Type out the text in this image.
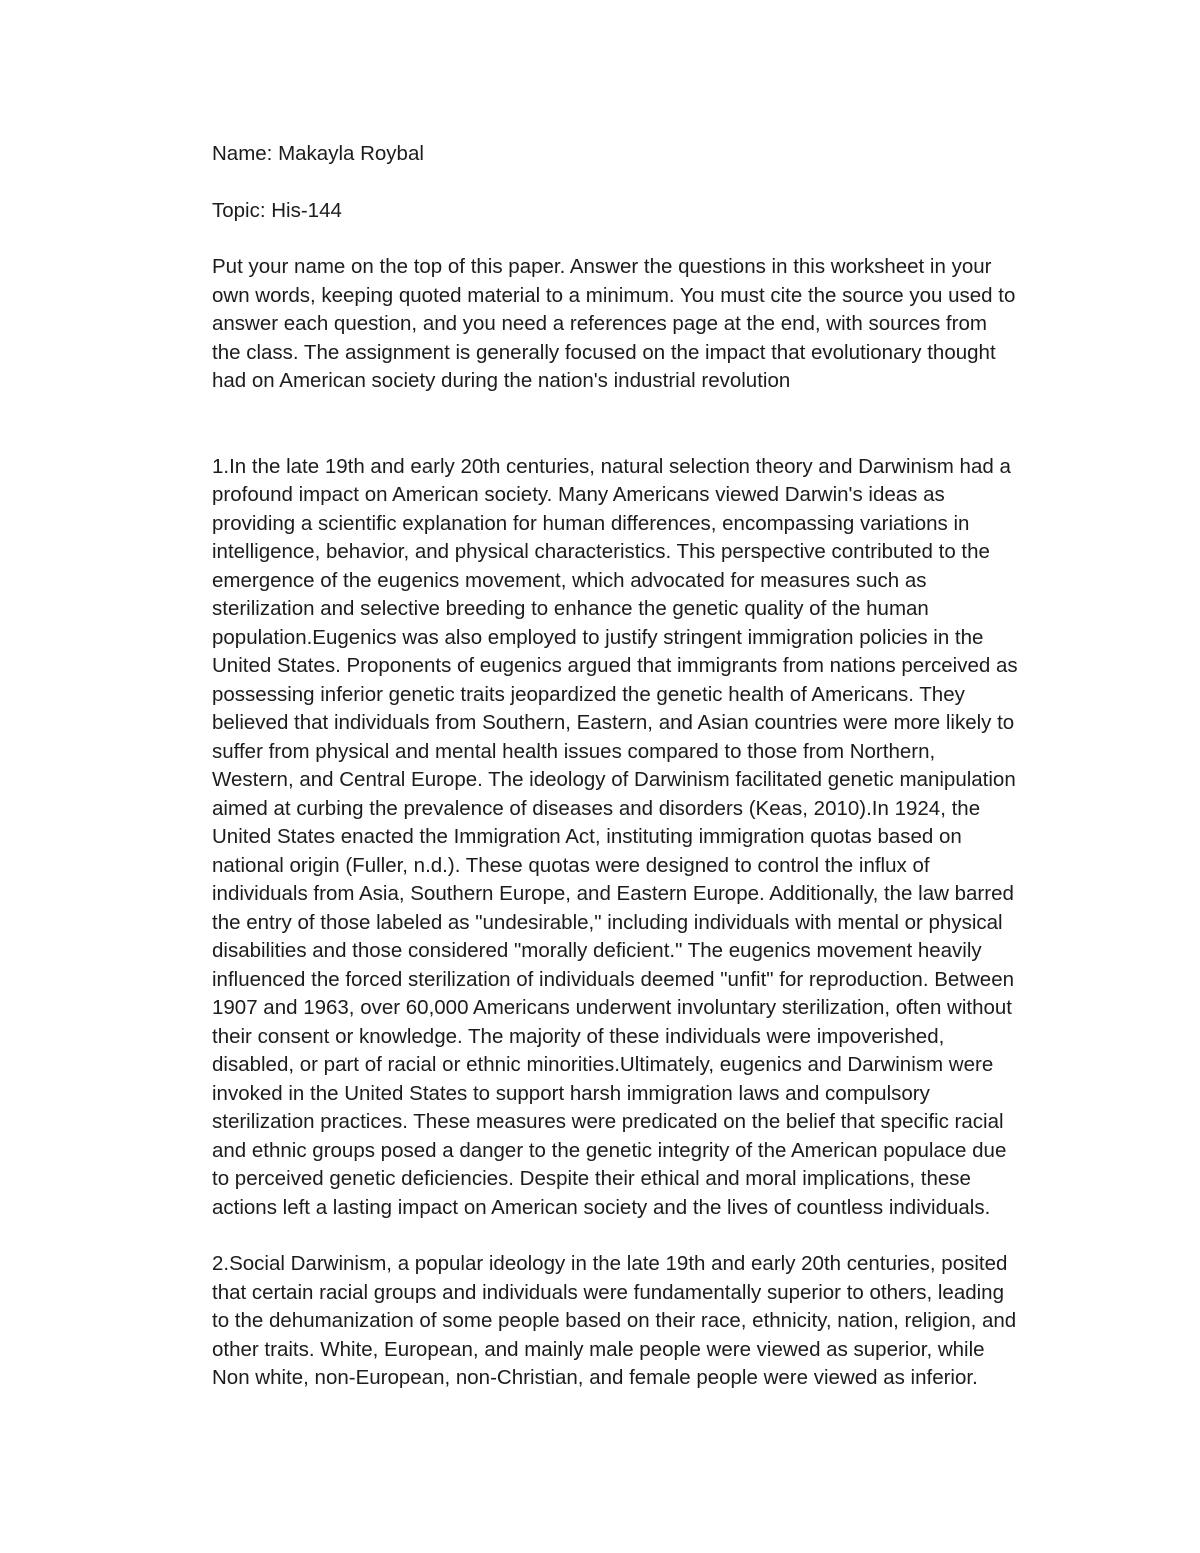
Name: Makayla Roybal

Topic: His-144

Put your name on the top of this paper. Answer the questions in this worksheet in your
own words, keeping quoted material to a minimum. You must cite the source you used to
answer each question, and you need a references page at the end, with sources from
the class. The assignment is generally focused on the impact that evolutionary thought
had on American society during the nation's industrial revolution

1.In the late 19th and early 20th centuries, natural selection theory and Darwinism had a
profound impact on American society. Many Americans viewed Darwin's ideas as
providing a scientific explanation for human differences, encompassing variations in
intelligence, behavior, and physical characteristics. This perspective contributed to the
emergence of the eugenics movement, which advocated for measures such as
sterilization and selective breeding to enhance the genetic quality of the human
population.Eugenics was also employed to justify stringent immigration policies in the
United States. Proponents of eugenics argued that immigrants from nations perceived as
possessing inferior genetic traits jeopardized the genetic health of Americans. They
believed that individuals from Southern, Eastern, and Asian countries were more likely to
suffer from physical and mental health issues compared to those from Northern,
Western, and Central Europe. The ideology of Darwinism facilitated genetic manipulation
aimed at curbing the prevalence of diseases and disorders (Keas, 2010).In 1924, the
United States enacted the Immigration Act, instituting immigration quotas based on
national origin (Fuller, n.d.). These quotas were designed to control the influx of
individuals from Asia, Southern Europe, and Eastern Europe. Additionally, the law barred
the entry of those labeled as "undesirable," including individuals with mental or physical
disabilities and those considered "morally deficient." The eugenics movement heavily
influenced the forced sterilization of individuals deemed "unfit" for reproduction. Between
1907 and 1963, over 60,000 Americans underwent involuntary sterilization, often without
their consent or knowledge. The majority of these individuals were impoverished,
disabled, or part of racial or ethnic minorities.Ultimately, eugenics and Darwinism were
invoked in the United States to support harsh immigration laws and compulsory
sterilization practices. These measures were predicated on the belief that specific racial
and ethnic groups posed a danger to the genetic integrity of the American populace due
to perceived genetic deficiencies. Despite their ethical and moral implications, these
actions left a lasting impact on American society and the lives of countless individuals.

2.Social Darwinism, a popular ideology in the late 19th and early 20th centuries, posited
that certain racial groups and individuals were fundamentally superior to others, leading
to the dehumanization of some people based on their race, ethnicity, nation, religion, and
other traits. White, European, and mainly male people were viewed as superior, while
Non white, non-European, non-Christian, and female people were viewed as inferior.
